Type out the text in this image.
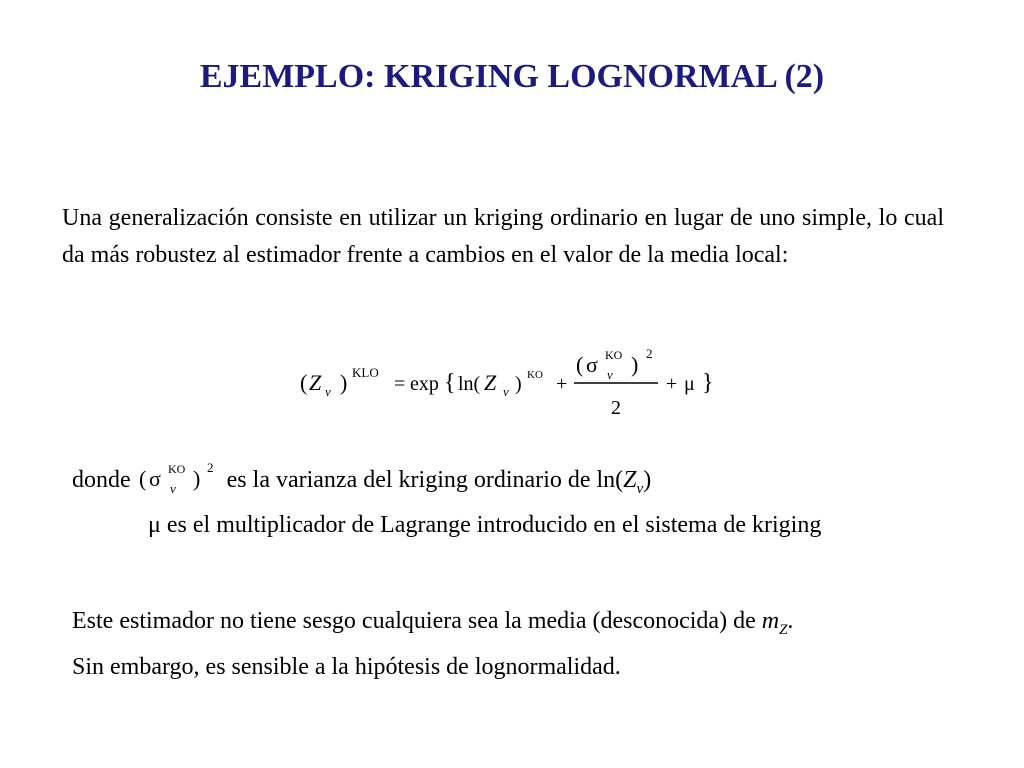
EJEMPLO: KRIGING LOGNORMAL (2)
Una generalización consiste en utilizar un kriging ordinario en lugar de uno simple, lo cual da más robustez al estimador frente a cambios en el valor de la media local:
( Z v ) KLO
= exp { ln( Z v ) KO +
( σ KO
v ) 2
2
+ μ }
donde ( σ KO
v ) 2 es la varianza del kriging ordinario de $\ln(Z_v)$
μ es el multiplicador de Lagrange introducido en el sistema de kriging
Este estimador no tiene sesgo cualquiera sea la media (desconocida) de $m_Z$.
Sin embargo, es sensible a la hipótesis de lognormalidad.
